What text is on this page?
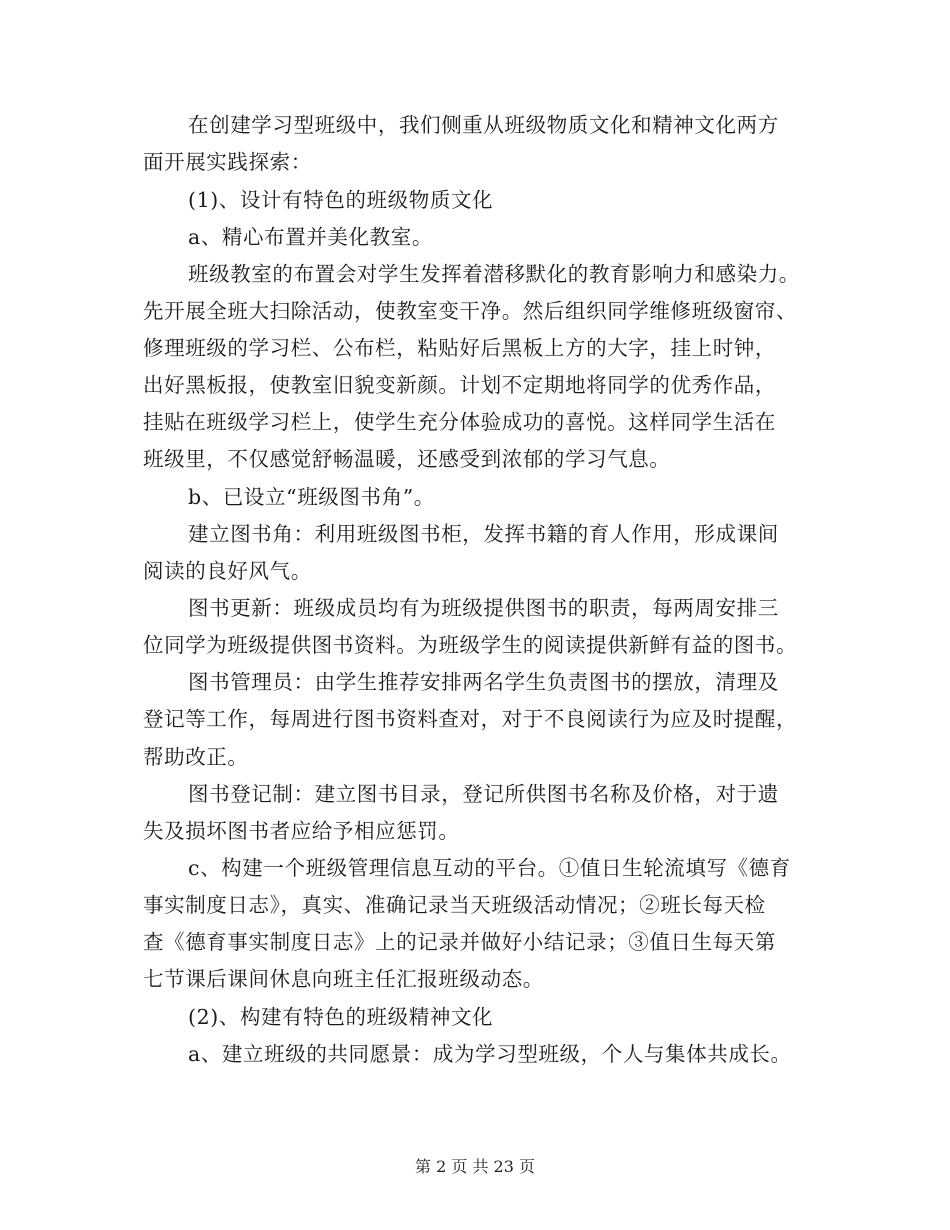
在创建学习型班级中，我们侧重从班级物质文化和精神文化两方
面开展实践探索：
(1)、设计有特色的班级物质文化
a、精心布置并美化教室。
班级教室的布置会对学生发挥着潜移默化的教育影响力和感染力。
先开展全班大扫除活动，使教室变干净。然后组织同学维修班级窗帘、
修理班级的学习栏、公布栏，粘贴好后黑板上方的大字，挂上时钟，
出好黑板报，使教室旧貌变新颜。计划不定期地将同学的优秀作品，
挂贴在班级学习栏上，使学生充分体验成功的喜悦。这样同学生活在
班级里，不仅感觉舒畅温暖，还感受到浓郁的学习气息。
b、已设立“班级图书角”。
建立图书角：利用班级图书柜，发挥书籍的育人作用，形成课间
阅读的良好风气。
图书更新：班级成员均有为班级提供图书的职责，每两周安排三
位同学为班级提供图书资料。为班级学生的阅读提供新鲜有益的图书。
图书管理员：由学生推荐安排两名学生负责图书的摆放，清理及
登记等工作，每周进行图书资料查对，对于不良阅读行为应及时提醒，
帮助改正。
图书登记制：建立图书目录，登记所供图书名称及价格，对于遗
失及损坏图书者应给予相应惩罚。
c、构建一个班级管理信息互动的平台。①值日生轮流填写《德育
事实制度日志》，真实、准确记录当天班级活动情况；②班长每天检
查《德育事实制度日志》上的记录并做好小结记录；③值日生每天第
七节课后课间休息向班主任汇报班级动态。
(2)、构建有特色的班级精神文化
a、建立班级的共同愿景：成为学习型班级，个人与集体共成长。
第 2 页 共 23 页
